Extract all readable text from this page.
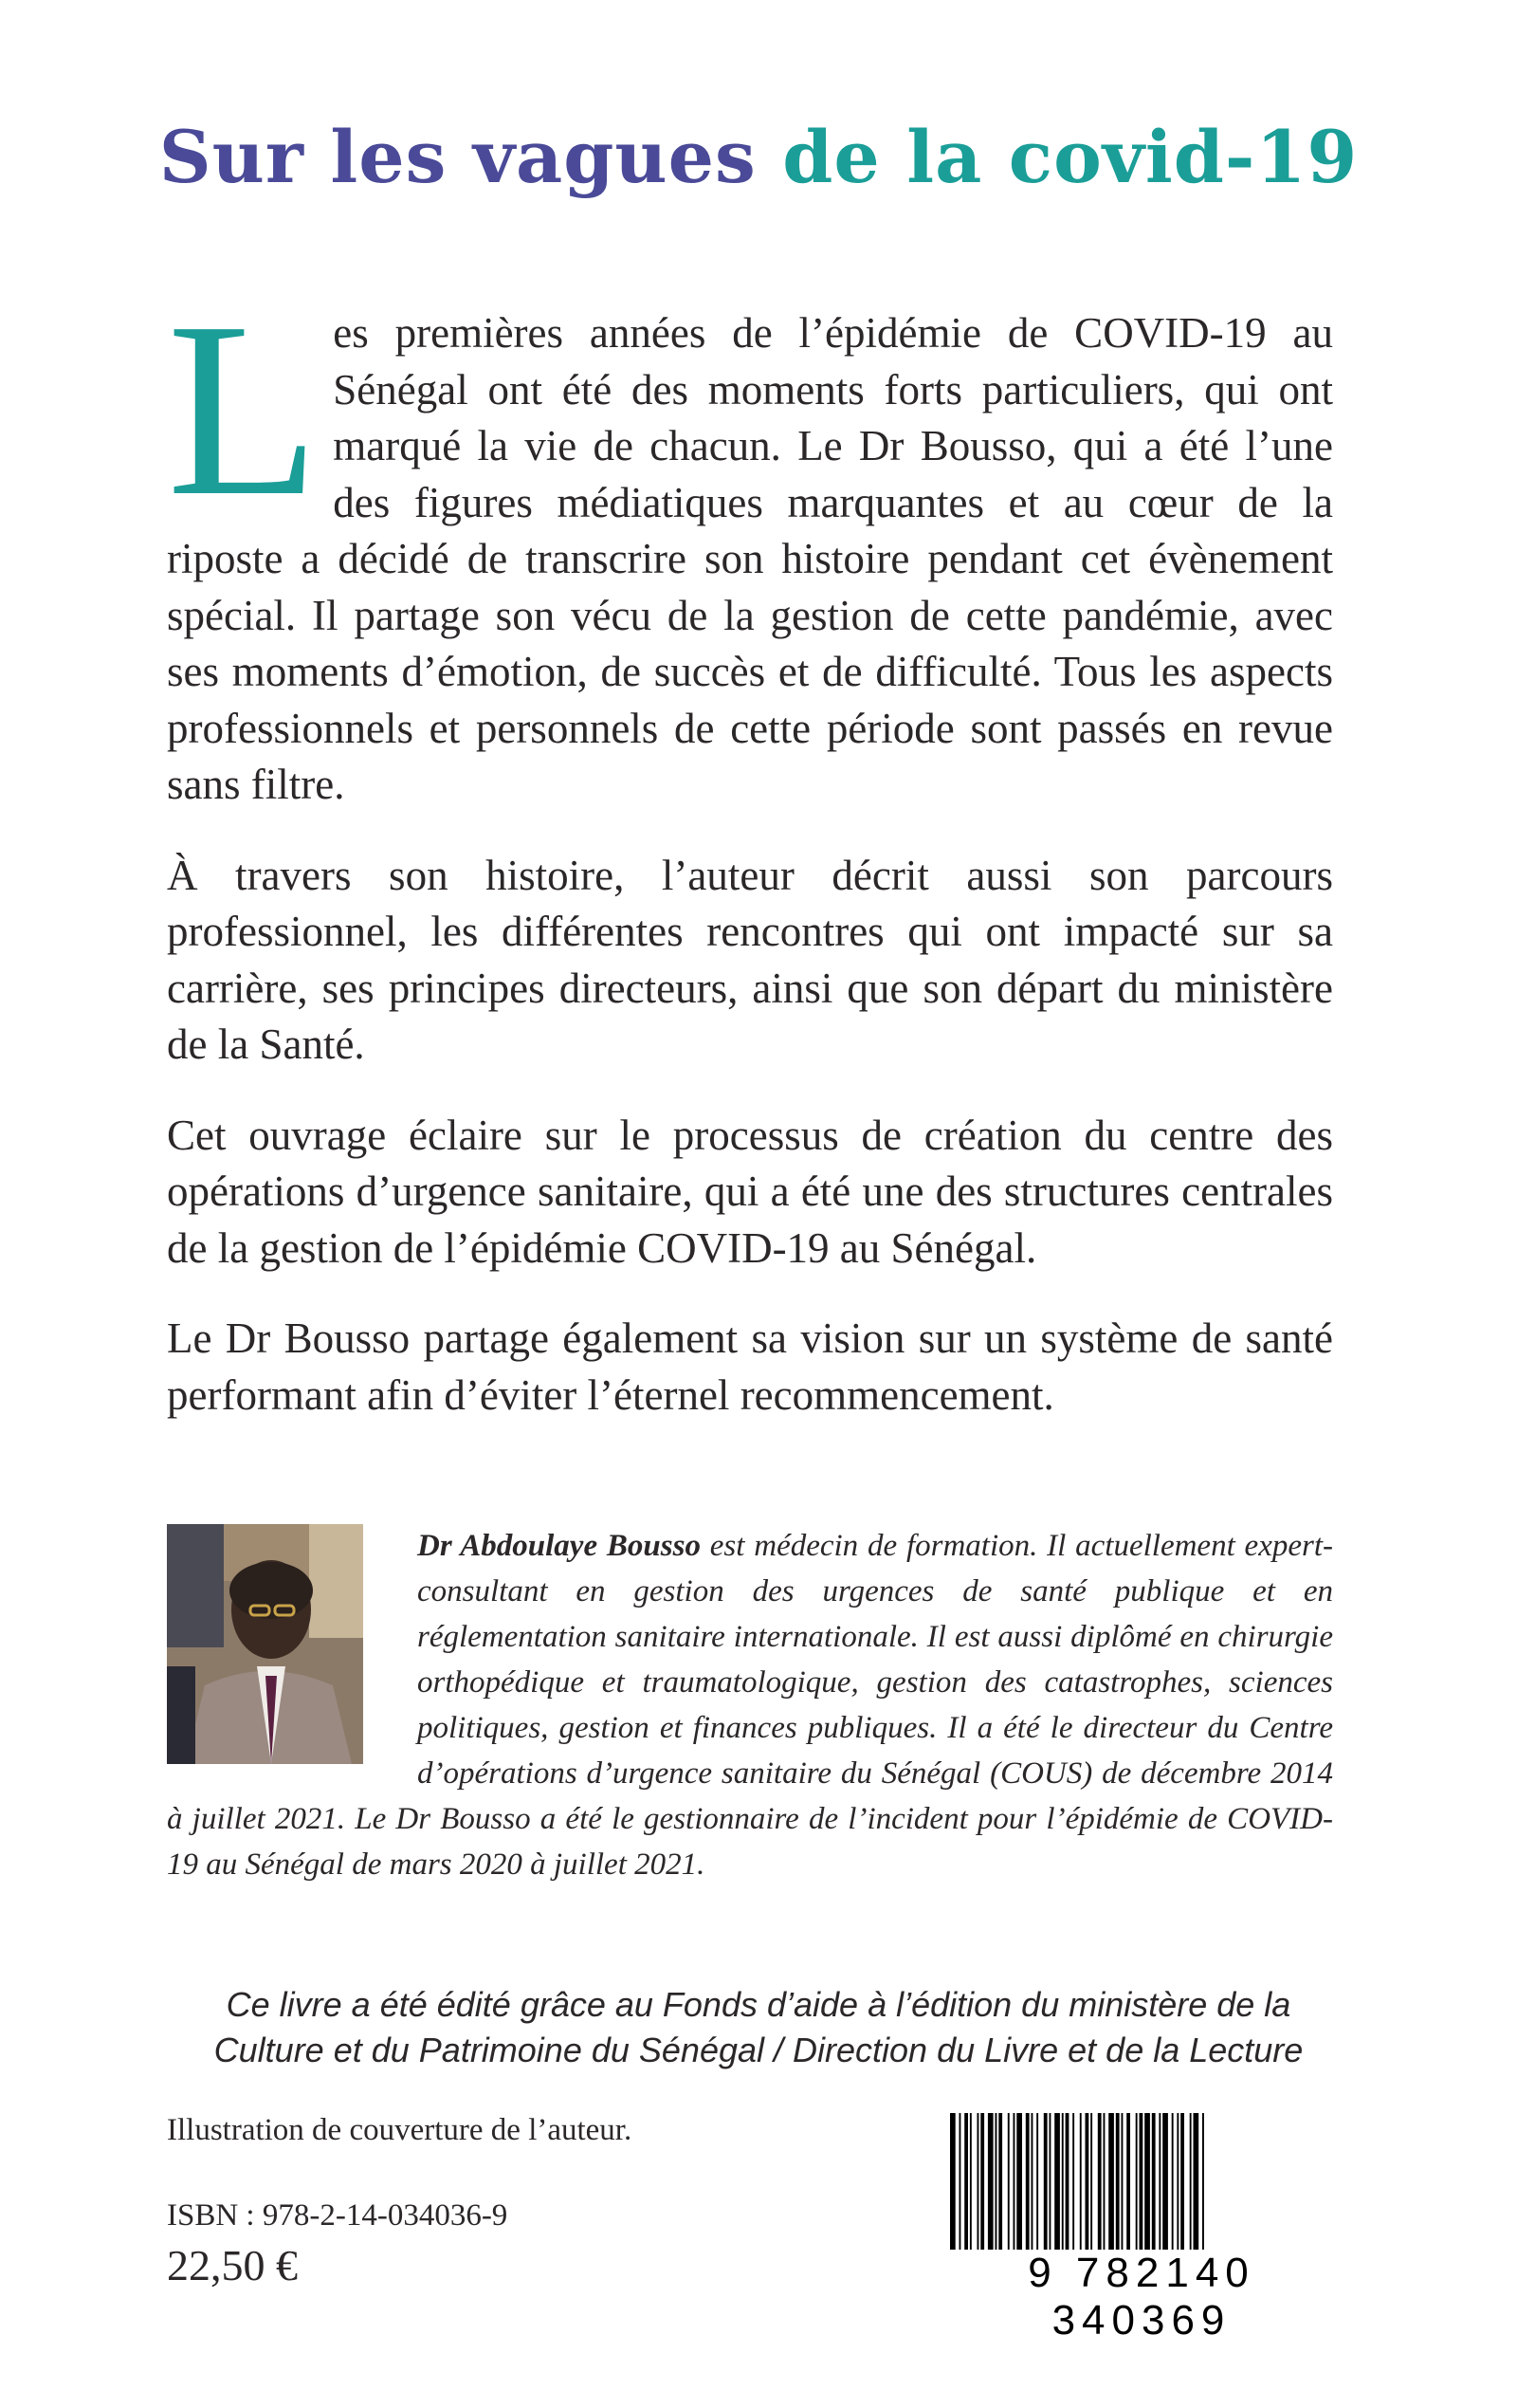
Sur les vagues de la covid-19

Les premières années de l’épidémie de COVID-19 au Sénégal ont été des moments forts particuliers, qui ont marqué la vie de chacun. Le Dr Bousso, qui a été l’une des figures médiatiques marquantes et au cœur de la riposte a décidé de transcrire son histoire pendant cet évènement spécial. Il partage son vécu de la gestion de cette pandémie, avec ses moments d’émotion, de succès et de difficulté. Tous les aspects professionnels et personnels de cette période sont passés en revue sans filtre.

À travers son histoire, l’auteur décrit aussi son parcours professionnel, les différentes rencontres qui ont impacté sur sa carrière, ses principes directeurs, ainsi que son départ du ministère de la Santé.

Cet ouvrage éclaire sur le processus de création du centre des opérations d’urgence sanitaire, qui a été une des structures centrales de la gestion de l’épidémie COVID-19 au Sénégal.

Le Dr Bousso partage également sa vision sur un système de santé performant afin d’éviter l’éternel recommencement.

Dr Abdoulaye Bousso est médecin de formation. Il actuellement expert-consultant en gestion des urgences de santé publique et en réglementation sanitaire internationale. Il est aussi diplômé en chirurgie orthopédique et traumatologique, gestion des catastrophes, sciences politiques, gestion et finances publiques. Il a été le directeur du Centre d’opérations d’urgence sanitaire du Sénégal (COUS) de décembre 2014 à juillet 2021. Le Dr Bousso a été le gestionnaire de l’incident pour l’épidémie de COVID-19 au Sénégal de mars 2020 à juillet 2021.
Ce livre a été édité grâce au Fonds d’aide à l’édition du ministère de la
Culture et du Patrimoine du Sénégal / Direction du Livre et de la Lecture
Illustration de couverture de l’auteur.
ISBN : 978-2-14-034036-9
22,50 €	9 782140 340369
